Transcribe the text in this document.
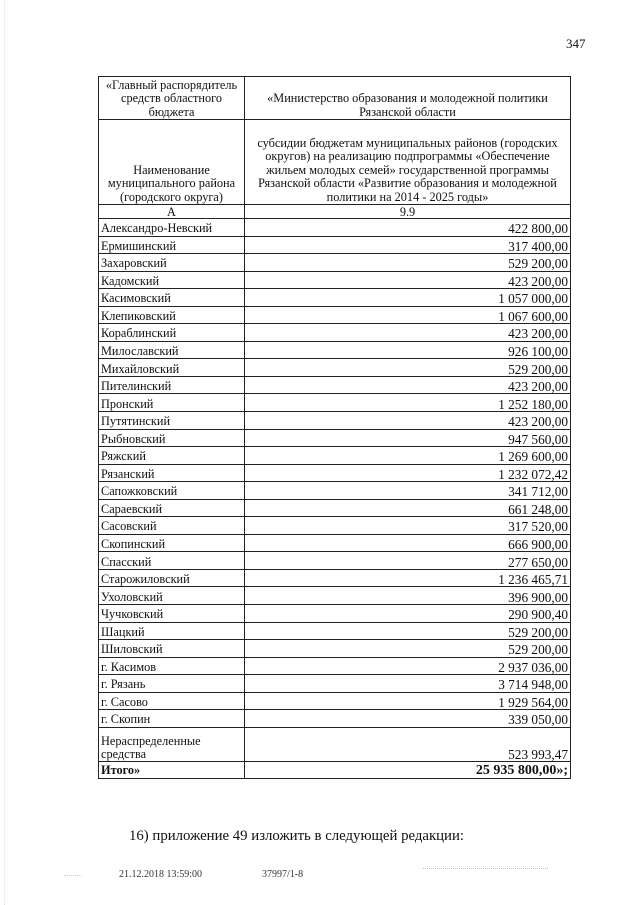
347
«Главный распорядитель средств областного бюджета	«Министерство образования и молодежной политики Рязанской области
Наименование муниципального района (городского округа)	субсидии бюджетам муниципальных районов (городских округов) на реализацию подпрограммы «Обеспечение жильем молодых семей» государственной программы Рязанской области «Развитие образования и молодежной политики на 2014 - 2025 годы»
А	9.9
Александро-Невский	422 800,00
Ермишинский	317 400,00
Захаровский	529 200,00
Кадомский	423 200,00
Касимовский	1 057 000,00
Клепиковский	1 067 600,00
Кораблинский	423 200,00
Милославский	926 100,00
Михайловский	529 200,00
Пителинский	423 200,00
Пронский	1 252 180,00
Путятинский	423 200,00
Рыбновский	947 560,00
Ряжский	1 269 600,00
Рязанский	1 232 072,42
Сапожковский	341 712,00
Сараевский	661 248,00
Сасовский	317 520,00
Скопинский	666 900,00
Спасский	277 650,00
Старожиловский	1 236 465,71
Ухоловский	396 900,00
Чучковский	290 900,40
Шацкий	529 200,00
Шиловский	529 200,00
г. Касимов	2 937 036,00
г. Рязань	3 714 948,00
г. Сасово	1 929 564,00
г. Скопин	339 050,00
Нераспределенные средства	523 993,47
Итого»	25 935 800,00»;
16) приложение 49 изложить в следующей редакции:
21.12.2018 13:59:00	37997/1-8
